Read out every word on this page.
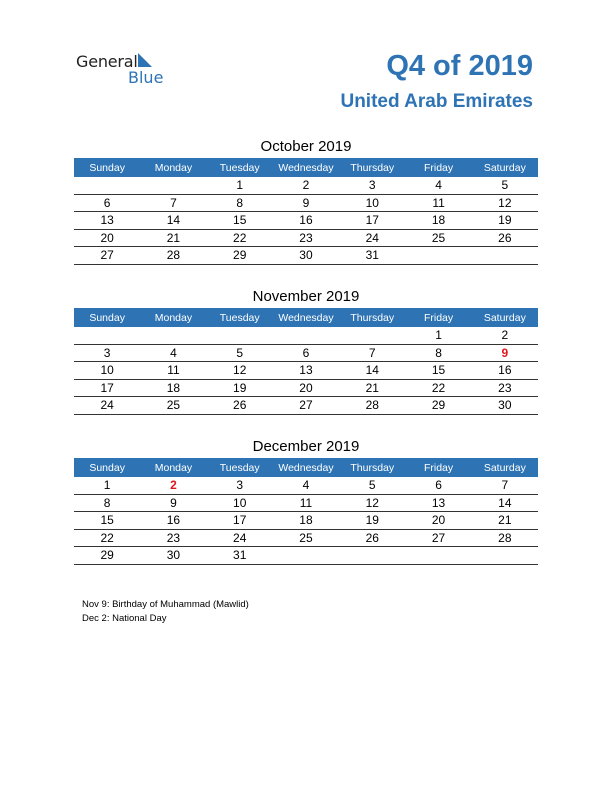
General
Blue	Q4 of 2019
United Arab Emirates
October 2019
Sunday	Monday	Tuesday	Wednesday	Thursday	Friday	Saturday
		1	2	3	4	5
6	7	8	9	10	11	12
13	14	15	16	17	18	19
20	21	22	23	24	25	26
27	28	29	30	31		
November 2019
Sunday	Monday	Tuesday	Wednesday	Thursday	Friday	Saturday
					1	2
3	4	5	6	7	8	9
10	11	12	13	14	15	16
17	18	19	20	21	22	23
24	25	26	27	28	29	30
December 2019
Sunday	Monday	Tuesday	Wednesday	Thursday	Friday	Saturday
1	2	3	4	5	6	7
8	9	10	11	12	13	14
15	16	17	18	19	20	21
22	23	24	25	26	27	28
29	30	31				
Nov 9: Birthday of Muhammad (Mawlid)
Dec 2: National Day
